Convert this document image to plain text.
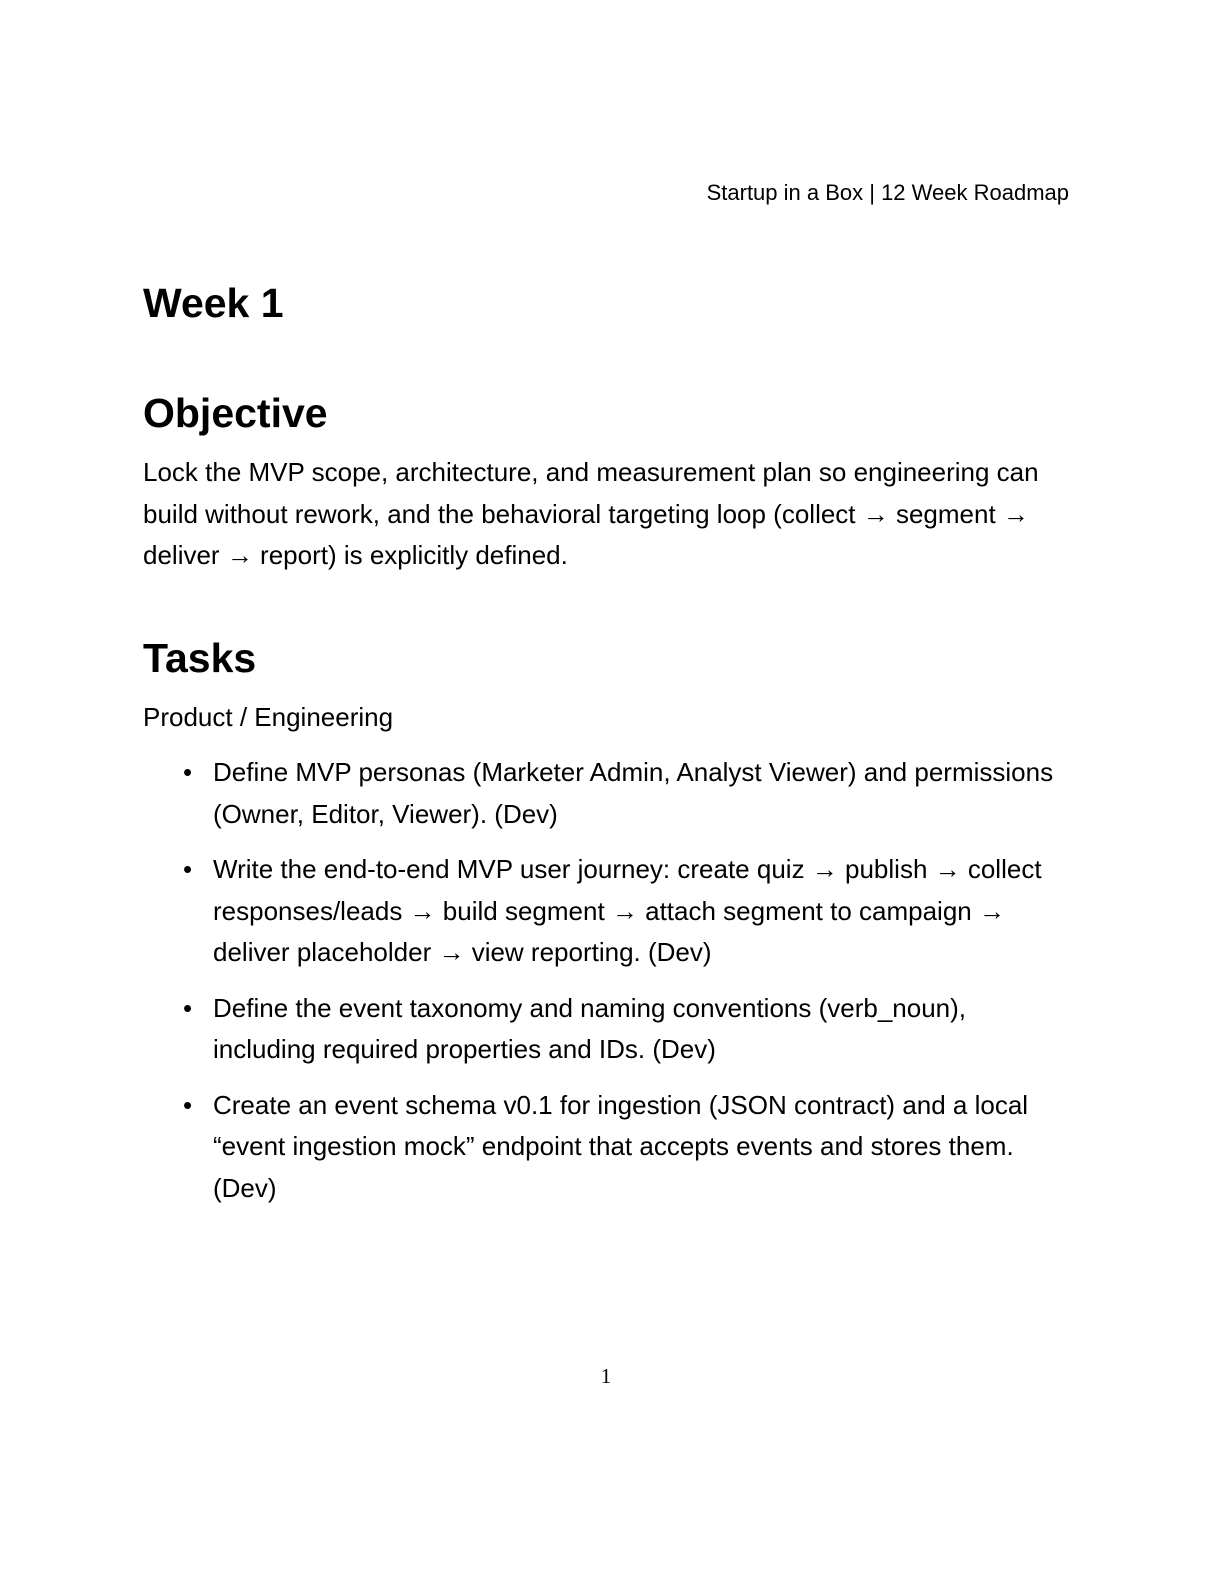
Startup in a Box | 12 Week Roadmap
Week 1
Objective

Lock the MVP scope, architecture, and measurement plan so engineering can build without rework, and the behavioral targeting loop (collect → segment → deliver → report) is explicitly defined.

Tasks

Product / Engineering

• Define MVP personas (Marketer Admin, Analyst Viewer) and permissions (Owner, Editor, Viewer). (Dev)
• Write the end-to-end MVP user journey: create quiz → publish → collect responses/leads → build segment → attach segment to campaign → deliver placeholder → view reporting. (Dev)
• Define the event taxonomy and naming conventions (verb_noun), including required properties and IDs. (Dev)
• Create an event schema v0.1 for ingestion (JSON contract) and a local “event ingestion mock” endpoint that accepts events and stores them. (Dev)
1
